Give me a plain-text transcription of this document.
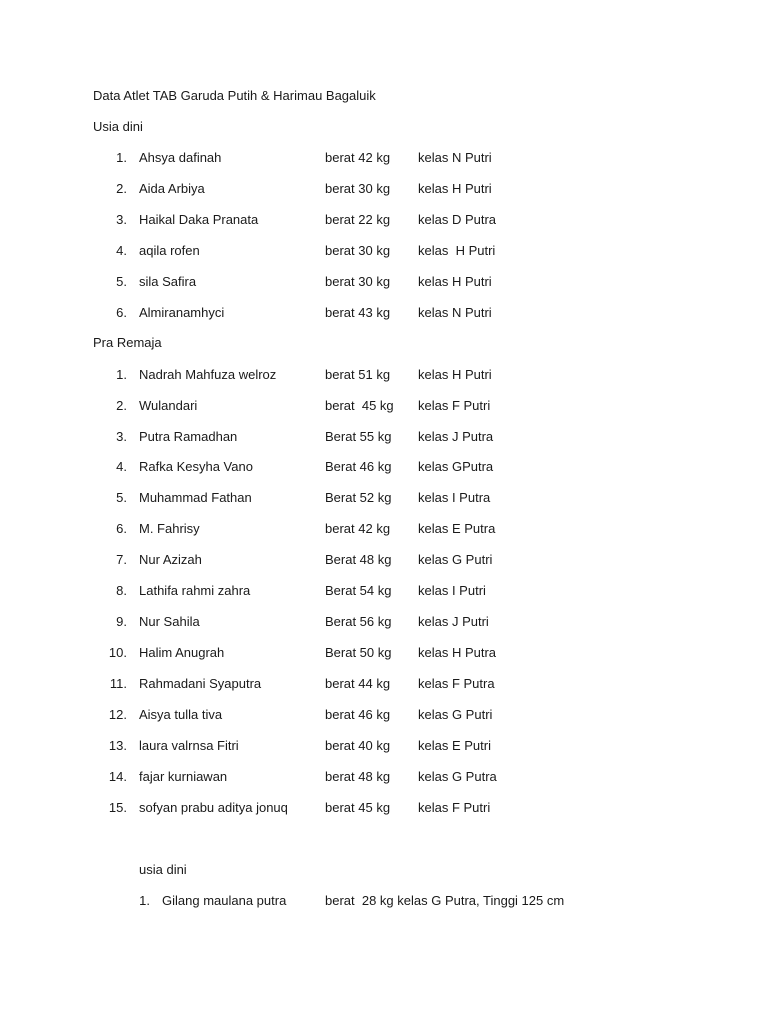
Data Atlet TAB Garuda Putih & Harimau Bagaluik
Usia dini
1. Ahsya dafinah	berat 42 kg kelas N Putri
2. Aida Arbiya	berat 30 kg kelas H Putri
3. Haikal Daka Pranata	berat 22 kg kelas D Putra
4. aqila rofen	berat 30 kg kelas  H Putri
5. sila Safira	berat 30 kg kelas H Putri
6. Almiranamhyci	berat 43 kg kelas N Putri
Pra Remaja
1. Nadrah Mahfuza welroz	berat 51 kg kelas H Putri
2. Wulandari	berat  45 kg kelas F Putri
3. Putra Ramadhan	Berat 55 kg kelas J Putra
4. Rafka Kesyha Vano	Berat 46 kg kelas GPutra
5. Muhammad Fathan	Berat 52 kg kelas I Putra
6. M. Fahrisy	berat 42 kg kelas E Putra
7. Nur Azizah	Berat 48 kg kelas G Putri
8. Lathifa rahmi zahra	Berat 54 kg kelas I Putri
9. Nur Sahila	Berat 56 kg kelas J Putri
10. Halim Anugrah	Berat 50 kg kelas H Putra
11. Rahmadani Syaputra	berat 44 kg kelas F Putra
12. Aisya tulla tiva	berat 46 kg kelas G Putri
13. laura valrnsa Fitri	berat 40 kg kelas E Putri
14. fajar kurniawan	berat 48 kg kelas G Putra
15. sofyan prabu aditya jonuq	berat 45 kg kelas F Putri
usia dini
1. Gilang maulana putra	berat  28 kg kelas G Putra, Tinggi 125 cm
